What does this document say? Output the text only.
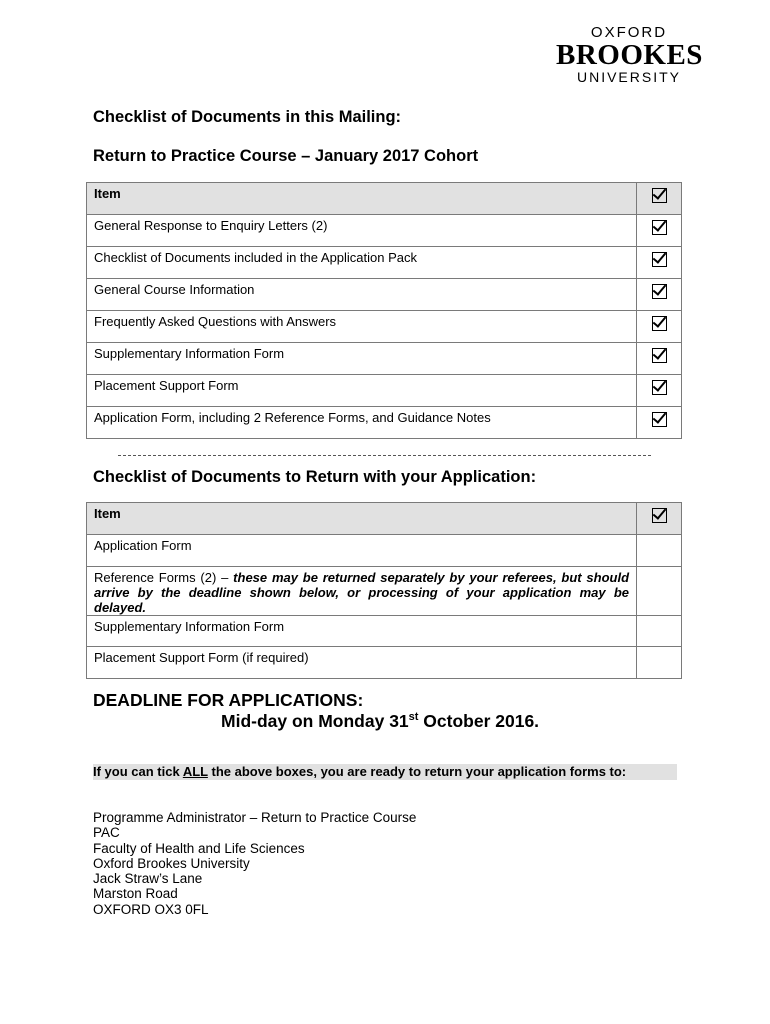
OXFORD
BROOKES
UNIVERSITY
Checklist of Documents in this Mailing:
Return to Practice Course – January 2017 Cohort
Item	
General Response to Enquiry Letters (2)	
Checklist of Documents included in the Application Pack	
General Course Information	
Frequently Asked Questions with Answers	
Supplementary Information Form	
Placement Support Form	
Application Form, including 2 Reference Forms, and Guidance Notes	
Checklist of Documents to Return with your Application:
Item	
Application Form	
Reference Forms (2) – these may be returned separately by your referees, but should arrive by the deadline shown below, or processing of your application may be delayed.	
Supplementary Information Form	
Placement Support Form (if required)	
DEADLINE FOR APPLICATIONS:
Mid-day on Monday 31st October 2016.
If you can tick ALL the above boxes, you are ready to return your application forms to:
Programme Administrator – Return to Practice Course
PAC
Faculty of Health and Life Sciences
Oxford Brookes University
Jack Straw’s Lane
Marston Road
OXFORD OX3 0FL
